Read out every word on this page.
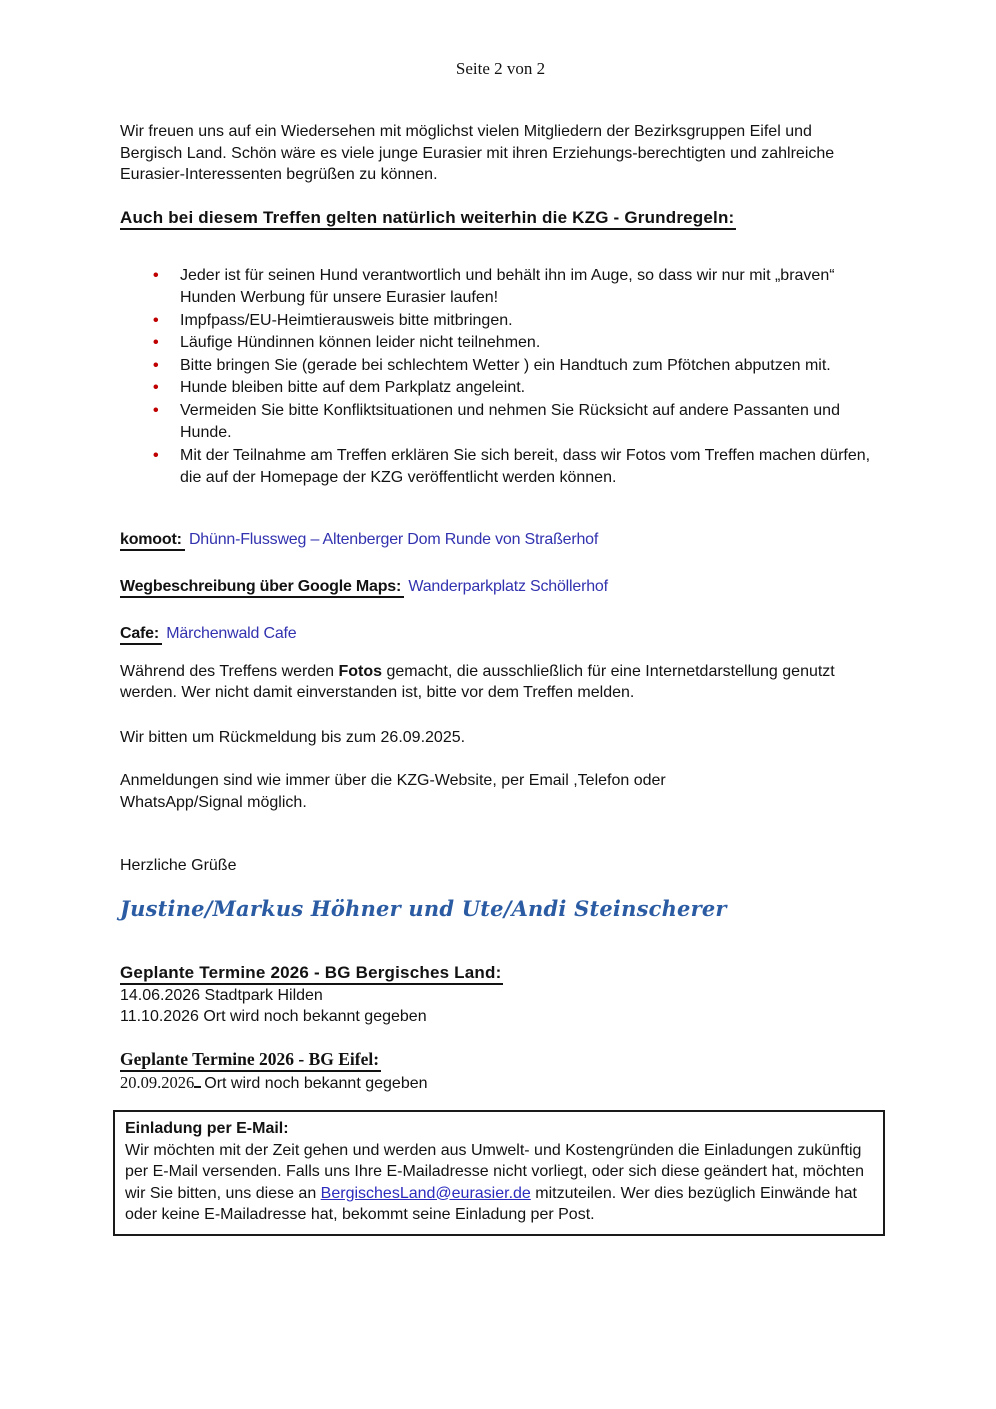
Seite 2 von 2

Wir freuen uns auf ein Wiedersehen mit möglichst vielen Mitgliedern der Bezirksgruppen Eifel und Bergisch Land. Schön wäre es viele junge Eurasier mit ihren Erziehungs-berechtigten und zahlreiche Eurasier-Interessenten begrüßen zu können.

Auch bei diesem Treffen gelten natürlich weiterhin die KZG - Grundregeln:
• Jeder ist für seinen Hund verantwortlich und behält ihn im Auge, so dass wir nur mit „braven“ Hunden Werbung für unsere Eurasier laufen!
• Impfpass/EU-Heimtierausweis bitte mitbringen.
• Läufige Hündinnen können leider nicht teilnehmen.
• Bitte bringen Sie (gerade bei schlechtem Wetter ) ein Handtuch zum Pfötchen abputzen mit.
• Hunde bleiben bitte auf dem Parkplatz angeleint.
• Vermeiden Sie bitte Konfliktsituationen und nehmen Sie Rücksicht auf andere Passanten und Hunde.
• Mit der Teilnahme am Treffen erklären Sie sich bereit, dass wir Fotos vom Treffen machen dürfen, die auf der Homepage der KZG veröffentlicht werden können.
komoot: Dhünn-Flussweg – Altenberger Dom Runde von Straßerhof
Wegbeschreibung über Google Maps: Wanderparkplatz Schöllerhof
Cafe: Märchenwald Cafe

Während des Treffens werden Fotos gemacht, die ausschließlich für eine Internetdarstellung genutzt werden. Wer nicht damit einverstanden ist, bitte vor dem Treffen melden.

Wir bitten um Rückmeldung bis zum 26.09.2025.

Anmeldungen sind wie immer über die KZG-Website, per Email ,Telefon oder
WhatsApp/Signal möglich.

Herzliche Grüße

Justine/Markus Höhner und Ute/Andi Steinscherer
Geplante Termine 2026 - BG Bergisches Land:
14.06.2026 Stadtpark Hilden
11.10.2026 Ort wird noch bekannt gegeben
Geplante Termine 2026 - BG Eifel:
20.09.2026 Ort wird noch bekannt gegeben
Einladung per E-Mail:
Wir möchten mit der Zeit gehen und werden aus Umwelt- und Kostengründen die Einladungen zukünftig per E-Mail versenden. Falls uns Ihre E-Mailadresse nicht vorliegt, oder sich diese geändert hat, möchten wir Sie bitten, uns diese an BergischesLand@eurasier.de mitzuteilen. Wer dies bezüglich Einwände hat oder keine E-Mailadresse hat, bekommt seine Einladung per Post.
